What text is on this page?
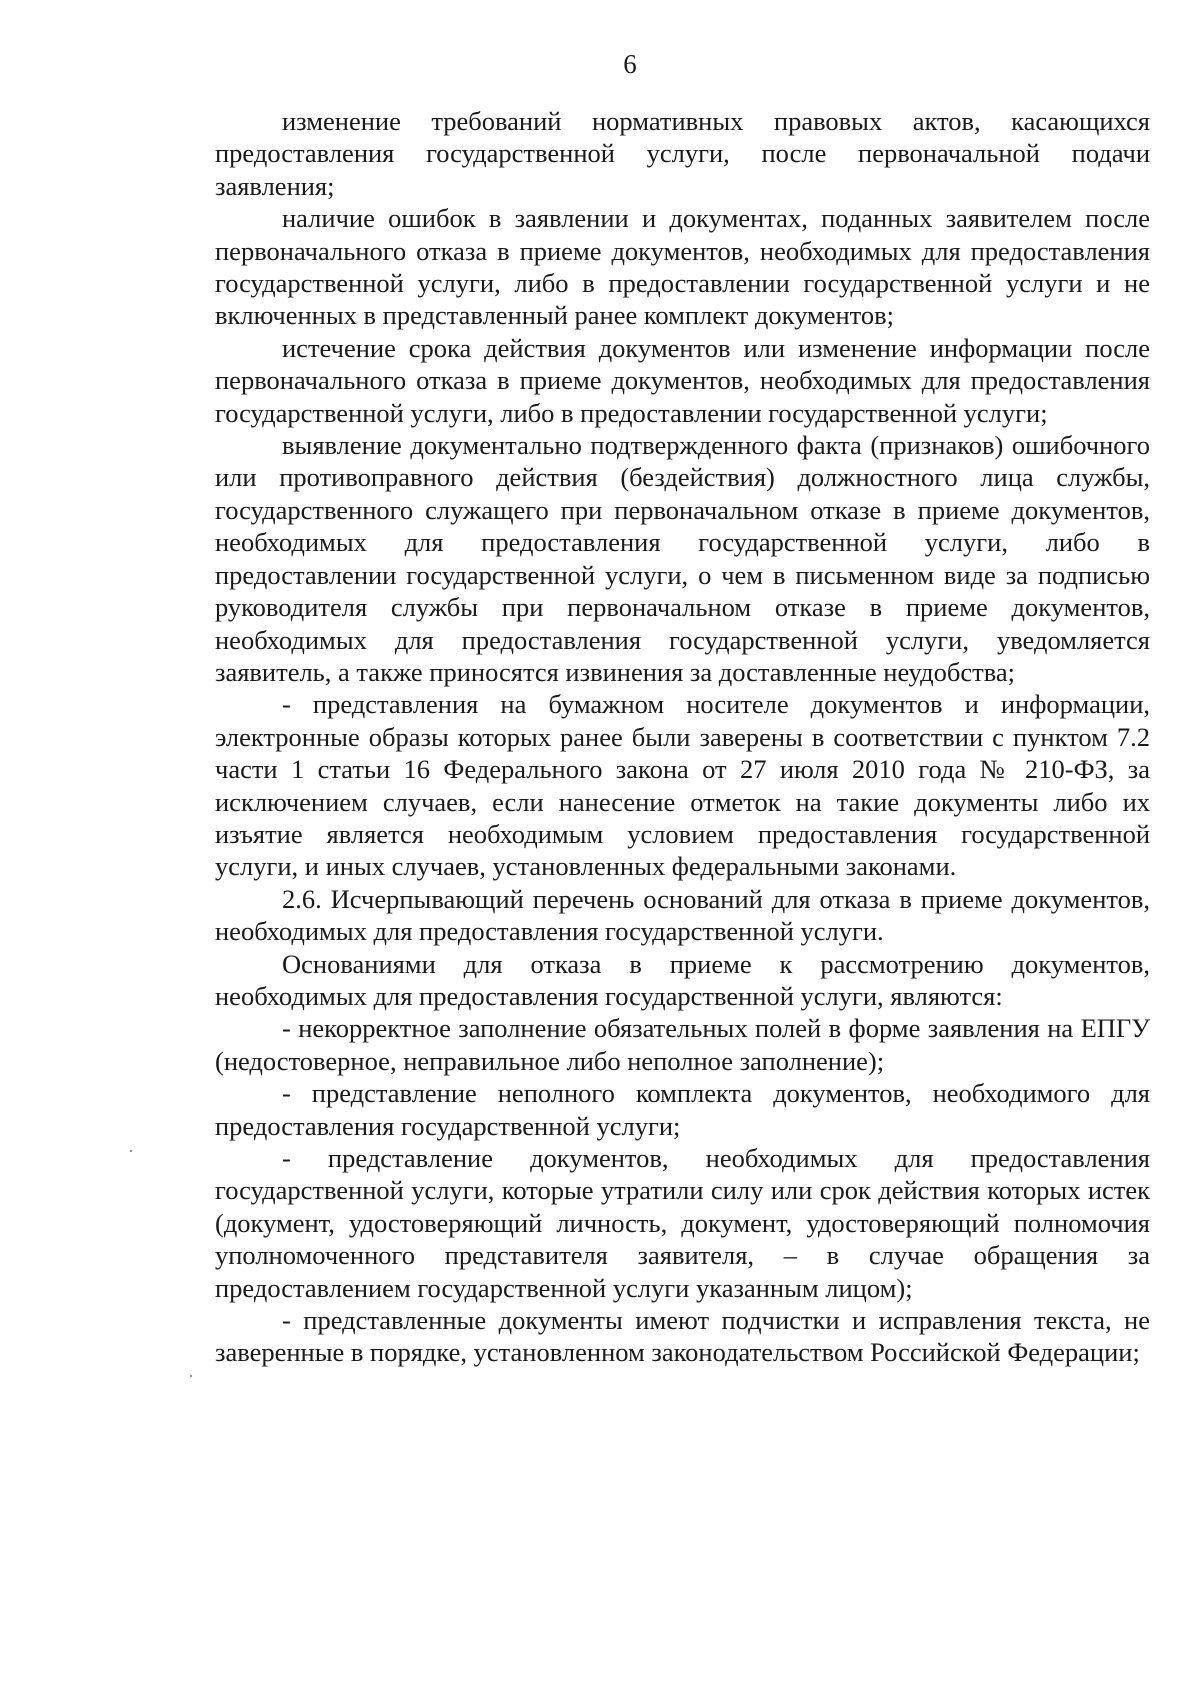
6

изменение требований нормативных правовых актов, касающихся предоставления государственной услуги, после первоначальной подачи заявления;

наличие ошибок в заявлении и документах, поданных заявителем после первоначального отказа в приеме документов, необходимых для предоставления государственной услуги, либо в предоставлении государственной услуги и не включенных в представленный ранее комплект документов;

истечение срока действия документов или изменение информации после первоначального отказа в приеме документов, необходимых для предоставления государственной услуги, либо в предоставлении государственной услуги;

выявление документально подтвержденного факта (признаков) ошибочного или противоправного действия (бездействия) должностного лица службы, государственного служащего при первоначальном отказе в приеме документов, необходимых для предоставления государственной услуги, либо в предоставлении государственной услуги, о чем в письменном виде за подписью руководителя службы при первоначальном отказе в приеме документов, необходимых для предоставления государственной услуги, уведомляется заявитель, а также приносятся извинения за доставленные неудобства;

- представления на бумажном носителе документов и информации, электронные образы которых ранее были заверены в соответствии с пунктом 7.2 части 1 статьи 16 Федерального закона от 27 июля 2010 года № 210-ФЗ, за исключением случаев, если нанесение отметок на такие документы либо их изъятие является необходимым условием предоставления государственной услуги, и иных случаев, установленных федеральными законами.

2.6. Исчерпывающий перечень оснований для отказа в приеме документов, необходимых для предоставления государственной услуги.

Основаниями для отказа в приеме к рассмотрению документов, необходимых для предоставления государственной услуги, являются:

- некорректное заполнение обязательных полей в форме заявления на ЕПГУ (недостоверное, неправильное либо неполное заполнение);

- представление неполного комплекта документов, необходимого для предоставления государственной услуги;

- представление документов, необходимых для предоставления государственной услуги, которые утратили силу или срок действия которых истек (документ, удостоверяющий личность, документ, удостоверяющий полномочия уполномоченного представителя заявителя, – в случае обращения за предоставлением государственной услуги указанным лицом);

- представленные документы имеют подчистки и исправления текста, не заверенные в порядке, установленном законодательством Российской Федерации;
